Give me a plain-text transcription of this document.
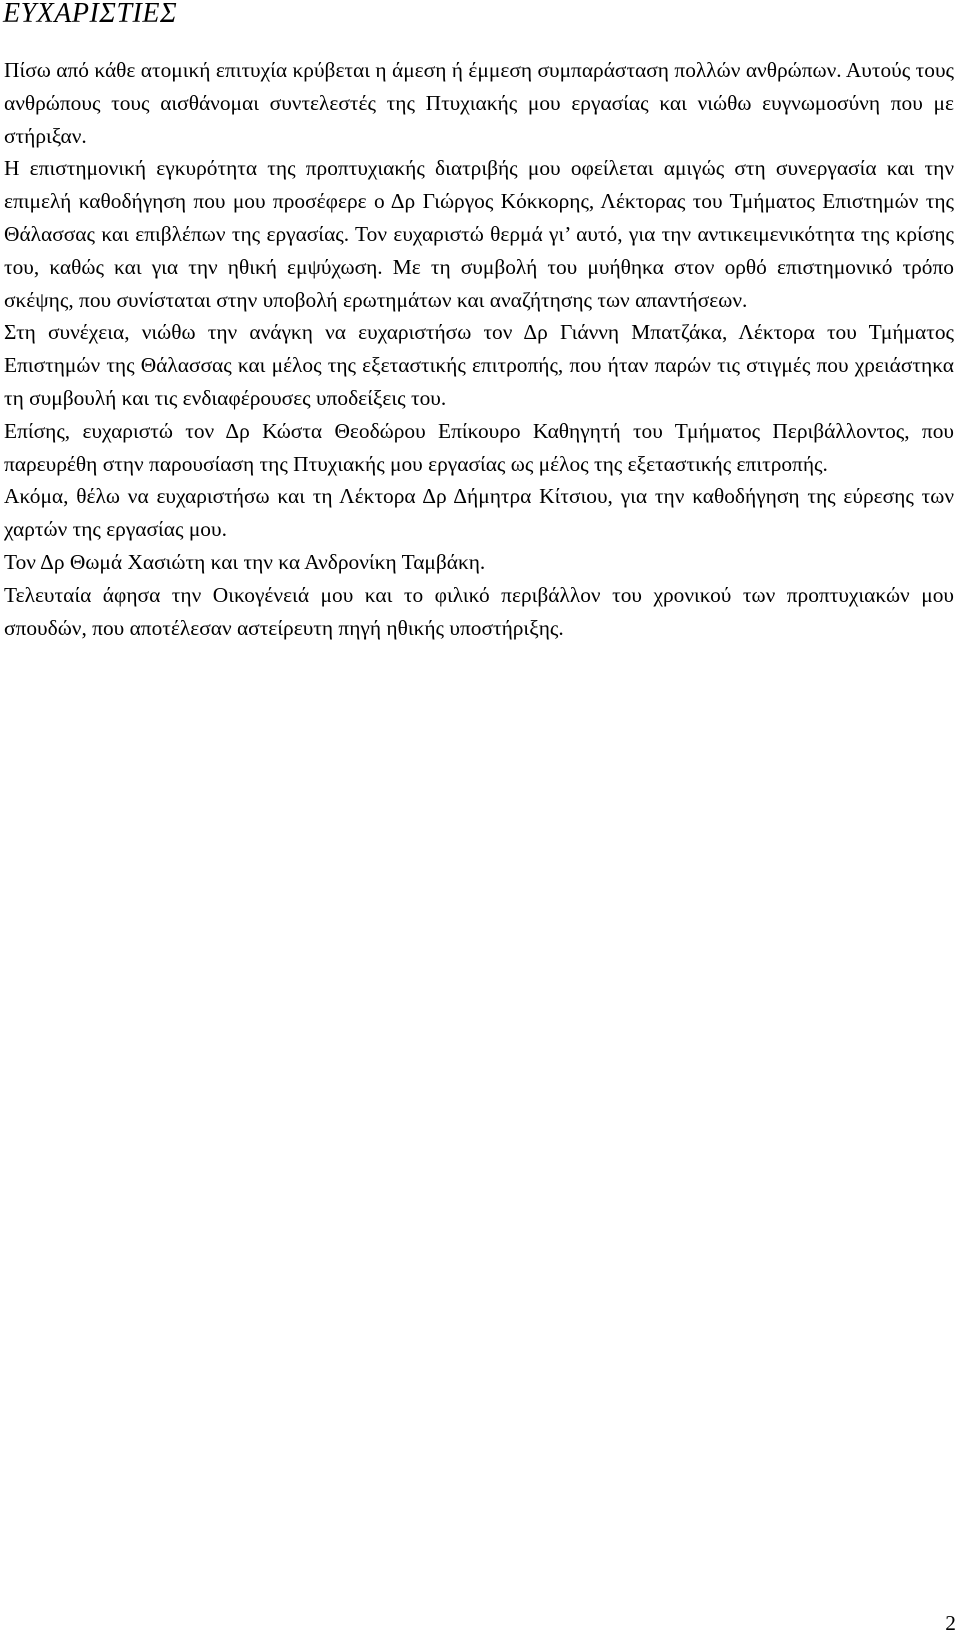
ΕΥΧΑΡΙΣΤΙΕΣ

Πίσω από κάθε ατομική επιτυχία κρύβεται η άμεση ή έμμεση συμπαράσταση πολλών ανθρώπων. Αυτούς τους ανθρώπους τους αισθάνομαι συντελεστές της Πτυχιακής μου εργασίας και νιώθω ευγνωμοσύνη που με στήριξαν.

Η επιστημονική εγκυρότητα της προπτυχιακής διατριβής μου οφείλεται αμιγώς στη συνεργασία και την επιμελή καθοδήγηση που μου προσέφερε ο Δρ Γιώργος Κόκκορης, Λέκτορας του Τμήματος Επιστημών της Θάλασσας και επιβλέπων της εργασίας. Τον ευχαριστώ θερμά γι’ αυτό, για την αντικειμενικότητα της κρίσης του, καθώς και για την ηθική εμψύχωση. Με τη συμβολή του μυήθηκα στον ορθό επιστημονικό τρόπο σκέψης, που συνίσταται στην υποβολή ερωτημάτων και αναζήτησης των απαντήσεων.

Στη συνέχεια, νιώθω την ανάγκη να ευχαριστήσω τον Δρ Γιάννη Μπατζάκα, Λέκτορα του Τμήματος Επιστημών της Θάλασσας και μέλος της εξεταστικής επιτροπής, που ήταν παρών τις στιγμές που χρειάστηκα τη συμβουλή και τις ενδιαφέρουσες υποδείξεις του.

Επίσης, ευχαριστώ τον Δρ Κώστα Θεοδώρου Επίκουρο Καθηγητή του Τμήματος Περιβάλλοντος, που παρευρέθη στην παρουσίαση της Πτυχιακής μου εργασίας ως μέλος της εξεταστικής επιτροπής.

Ακόμα, θέλω να ευχαριστήσω και τη Λέκτορα Δρ Δήμητρα Κίτσιου, για την καθοδήγηση της εύρεσης των χαρτών της εργασίας μου.

Τον Δρ Θωμά Χασιώτη και την κα Ανδρονίκη Ταμβάκη.

Τελευταία άφησα την Οικογένειά μου και το φιλικό περιβάλλον του χρονικού των προπτυχιακών μου σπουδών, που αποτέλεσαν αστείρευτη πηγή ηθικής υποστήριξης.

2
